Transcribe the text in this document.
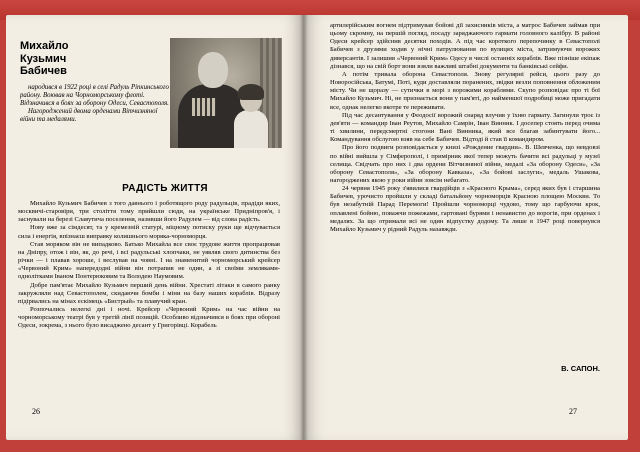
Михайло
Кузьмич
Бабичев

народився в 1922 році в селі Радуль Ріпкинського району. Воював на Чорноморському флоті. Відзначився в боях за оборону Одеси, Севастополя.

Нагороджений двома орденами Вітчизняної війни та медалями.

РАДІСТЬ ЖИТТЯ

Михайло Кузьмич Бабичев з того давнього і роботящого роду радульців, прадіди яких, москвичі-старовіри, три століття тому прийшли сюди, на українське Придніпров'я, і заснували на березі Славутича поселення, називши його Радулем — від слова радість.

Нову вже за сімдесят, та у кремезній статурі, міцному потиску руки ще відчувається сила і енергія, впізнаєш виправку колишнього моряка-чорноморця.

Став моряком він не випадково. Батько Михайла все своє трудове життя пропрацював на Дніпру, отож і він, як, до речі, і всі радульські хлопчаки, не уявляв свого дитинства без річки — і плавав хороше, і веслував на човні. І на знаменитий чорноморський крейсер «Червоний Крим» напередодні війни він потрапив не один, а зі своїми земляками-однолітками Іваном Понтерюковим та Володею Наумовим.

Добре пам'ятає Михайло Кузьмич перший день війни. Хрестаті літаки в самого ранку закружляли над Севастополем, скидаючи бомби і міни на базу наших кораблів. Відразу підірвались на мінах ескімець «Бистрый» та плавучий кран.

Розпочались нелегкі дні і ночі. Крейсер «Червоний Крим» на час війни на чорноморському театрі був у третій лінії позицій. Особливо відзначився в боях при обороні Одеси, зокрема, з нього було висаджено десант у Григорівці. Корабель

26

артилерійським вогнем підтримував бойові дії захисників міста, а матрос Бабичев займав при цьому скромну, на першій погляд, посаду заряджаючого гармати головного калібру. В районі Одеси крейсер здійснив десятки походів. А під час короткого перепочинку в Севастополі Бабичев з друзями ходив у нічні патрулювання по вулицях міста, затримуючи ворожих диверсантів. І залишив «Червоний Крим» Одесу в числі останніх кораблів. Вже пізніше екіпаж дізнався, що на свій борт вони взяли важливі штабні документи та банківські сейфи.

А потім тривала оборона Севастополя. Знову регулярні рейси, цього разу до Новоросійська, Батумі, Поті, куди доставляли поранених, звідки везли поповнення обложеним місту. Чи не щоразу — сутички в морі з ворожими кораблями. Скупо розповідає про ті бої Михайло Кузьмич. Ні, не признається вони у пам'яті, до найменшої подробиці може пригадати все, однак нелегко вкотре те переживати.

Під час десантування у Феодосії ворожий снаряд влучив у їхню гармату. Загинули троє із дев'яти — командир Іван Реутов, Михайло Самрін, Іван Винник. І досепер стоять перед очима ті хвилини, передсмертні стогони Вані Винника, який все благав забинтувати його... Командування обслугою взяв на себе Бабичев. Відтоді й став її командиром.

Про його подвиги розповідається у книзі «Рождение гвардии». В. Шевченка, що невдовзі по війні вийшла у Сімферополі, і примірник якої тепер можуть бачити всі радульці у музеї селища. Свідчать про них і два ордени Вітчизняної війни, медалі «За оборону Одеси», «За оборону Севастополя», «За оборону Кавказа», «За бойові заслуги», медаль Ушакова, нагороджених якою у роки війни зовсім небагато.

24 червня 1945 року з'явилися гвардійців з «Красного Крыма», серед яких був і старшина Бабичев, урочисто пройшли у складі батальйону чорноморців Красною площею Москви. То був незабутній Парад Перемоги! Пройшли чорноморці чудово, тому що гарбуючи крок, оплавлені бойню, поважчи пожежами, гартовані бурями і ненавистю до ворогів, при орденах і медалях. За що отримали всі не один відпустку додому. Та лише в 1947 році повернувся Михайло Кузьмич у рідний Радуль назавжди.

В. САПОН.
27
